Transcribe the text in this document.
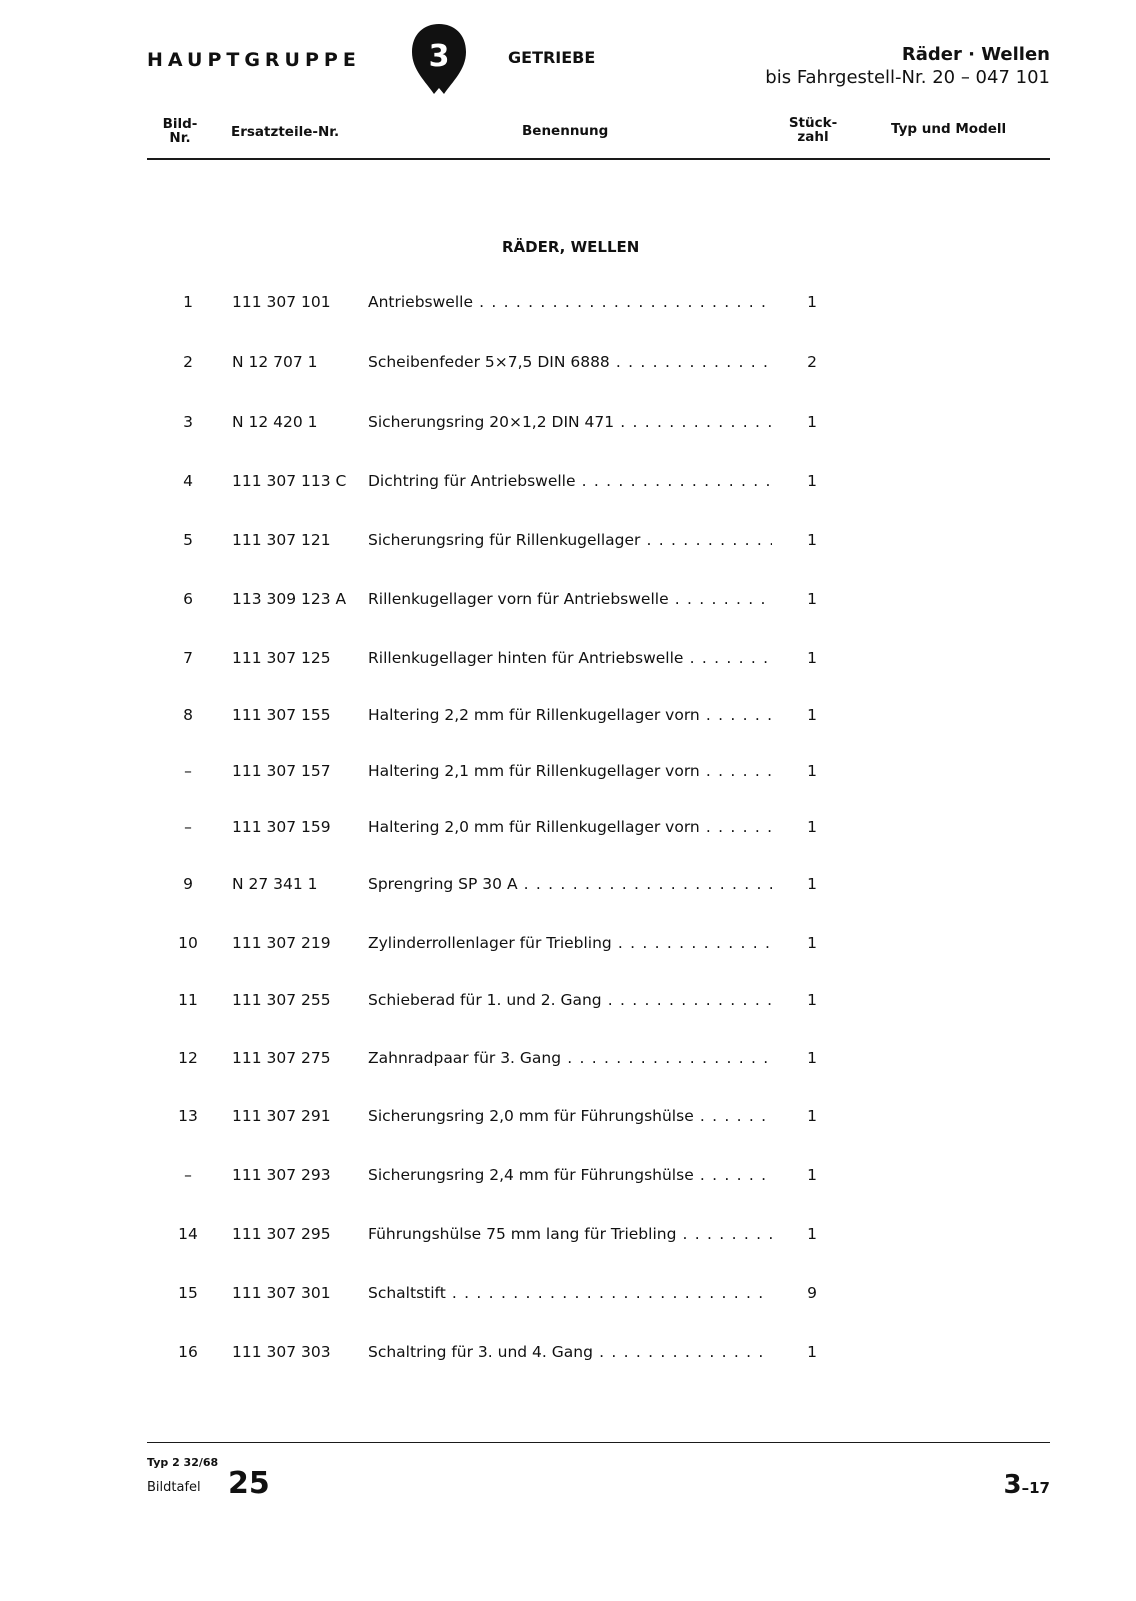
HAUPTGRUPPE 3	GETRIEBE	Räder · Wellen
bis Fahrgestell-Nr. 20 – 047 101
Bild-
Nr.	Ersatzteile-Nr.	Benennung	Stück-
zahl	Typ und Modell
RÄDER, WELLEN
1	111 307 101 Antriebswelle . . .	1
2	N 12 707 1	Scheibenfeder 5×7,5 DIN 6888 . . .	2
3	N 12 420 1	Sicherungsring 20×1,2 DIN 471 . . .	1
4	111 307 113 C Dichtring für Antriebswelle . . .	1
5	111 307 121 Sicherungsring für Rillenkugellager . . .	1
6	113 309 123 A Rillenkugellager vorn für Antriebswelle . . .	1
7	111 307 125 Rillenkugellager hinten für Antriebswelle . . .	1
8	111 307 155 Haltering 2,2 mm für Rillenkugellager vorn . . .	1
–	111 307 157 Haltering 2,1 mm für Rillenkugellager vorn . . .	1
–	111 307 159 Haltering 2,0 mm für Rillenkugellager vorn . . .	1
9	N 27 341 1	Sprengring SP 30 A . . .	1
10	111 307 219 Zylinderrollenlager für Triebling . . .	1
11	111 307 255 Schieberad für 1. und 2. Gang . . .	1
12	111 307 275 Zahnradpaar für 3. Gang . . .	1
13	111 307 291 Sicherungsring 2,0 mm für Führungshülse . . .	1
–	111 307 293 Sicherungsring 2,4 mm für Führungshülse . . .	1
14	111 307 295 Führungshülse 75 mm lang für Triebling . . .	1
15	111 307 301 Schaltstift . . .	9
16	111 307 303 Schaltring für 3. und 4. Gang . . .	1
Typ 2 32/68
Bildtafel 25	3–17
